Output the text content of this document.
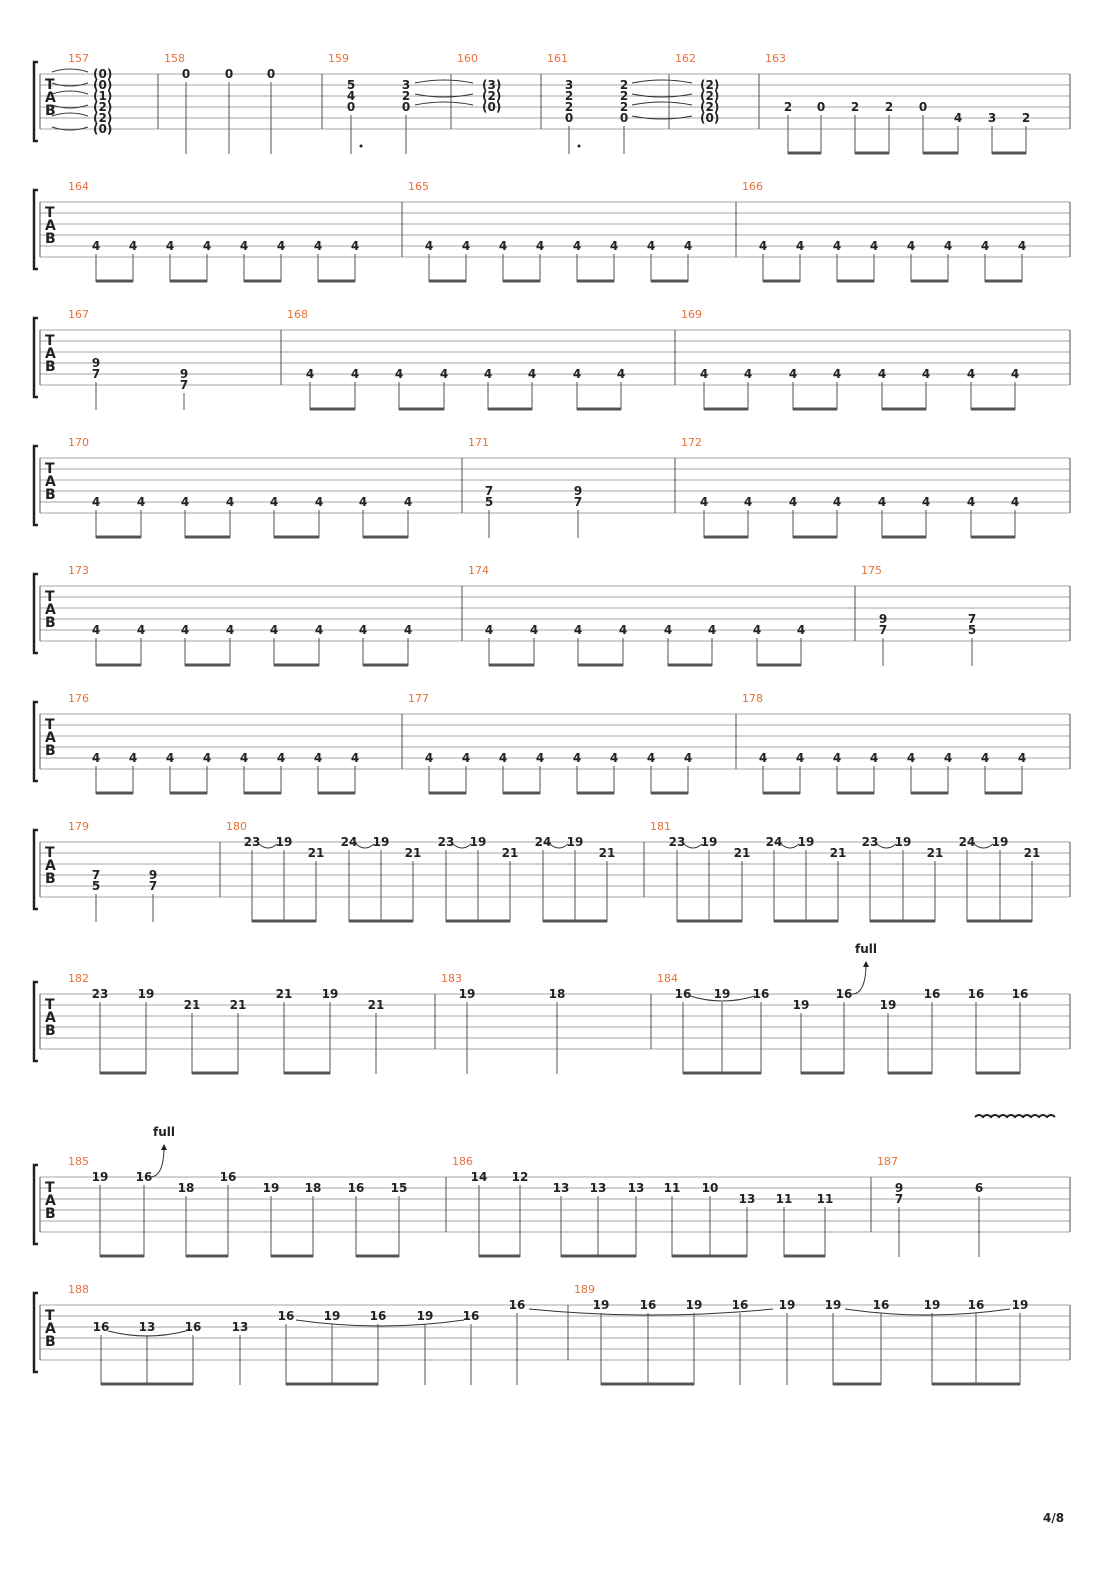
T
A
B
157
(0)
(0)
(1)
(2)
(2)
(0)
158
0	0	0
159
5
4
0
3
2
0
160
(3)
(2)
(0)
161
3
2
2
0
2
2
2
0
162
(2)
(2)
(2)
(0)
163
2 0 2 2 0
4 3 2
T
A
B
164
4 4 4 4 4 4 4 4
165
4 4 4 4 4 4 4 4
166
4 4 4 4 4 4 4 4
T
A
B
167
9
7	9
7
168
4	4	4	4	4	4	4	4
169
4	4	4	4	4	4	4	4
T
A
B
170
4	4	4	4	4	4	4	4
171
7
5
9
7
172
4	4	4	4	4	4	4	4
T
A
B
173
4	4	4	4	4	4	4	4
174
4	4	4	4	4	4	4	4
175
9
7
7
5
T
A
B
176
4 4 4 4 4 4 4 4
177
4 4 4 4 4 4 4 4
178
4 4 4 4 4 4 4 4
T
A
B
179
7
5
9
7
180
23 19
21
24 19
21
23 19
21
24 19
21
181
23 19
21
24 19
21
23 19
21
24 19
21
T
A
B
182
23 19
21 21
21 19
21
183
19	18
184
16 19 16
19
16
19
16 16 16
T
A
B
185
19 16
18
16
19 18 16 15
186
14 12
13 13 13 11 10
13 11 11
187
9
7
6
T
A
B
188
16 13 16	13
16 19 16	19 16
16
189
19	16 19 16	19 19	16	19 16 19
full
full
4/8
